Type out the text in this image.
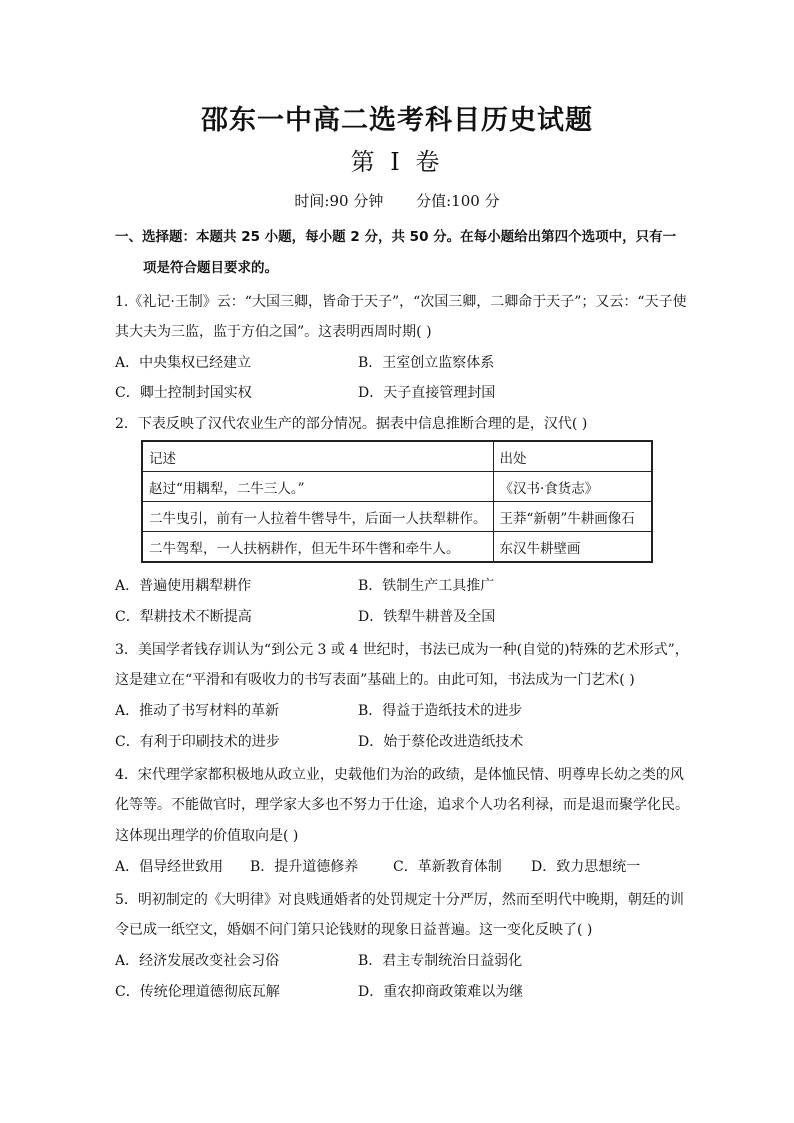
邵东一中高二选考科目历史试题
第 I 卷
时间:90 分钟 分值:100 分
一、选择题：本题共 25 小题，每小题 2 分，共 50 分。在每小题给出第四个选项中，只有一
项是符合题目要求的。
1.《礼记·王制》云：“大国三卿，皆命于天子”，“次国三卿，二卿命于天子”；又云：“天子使
其大夫为三监，监于方伯之国”。这表明西周时期( )
A．中央集权已经建立	B．王室创立监察体系
C．卿士控制封国实权	D．天子直接管理封国
2．下表反映了汉代农业生产的部分情况。据表中信息推断合理的是，汉代( )
记述	出处
赵过“用耦犁，二牛三人。”	《汉书·食货志》
二牛曳引，前有一人拉着牛辔导牛，后面一人扶犁耕作。	王莽“新朝”牛耕画像石
二牛驾犁，一人扶柄耕作，但无牛环牛辔和牵牛人。	东汉牛耕壁画
A．普遍使用耦犁耕作	B．铁制生产工具推广
C．犁耕技术不断提高	D．铁犁牛耕普及全国
3．美国学者钱存训认为“到公元 3 或 4 世纪时，书法已成为一种(自觉的)特殊的艺术形式”，
这是建立在“平滑和有吸收力的书写表面”基础上的。由此可知，书法成为一门艺术( )
A．推动了书写材料的革新	B．得益于造纸技术的进步
C．有利于印刷技术的进步	D．始于蔡伦改进造纸技术
4．宋代理学家都积极地从政立业，史载他们为治的政绩，是体恤民情、明尊卑长幼之类的风
化等等。不能做官时，理学家大多也不努力于仕途，追求个人功名利禄，而是退而聚学化民。
这体现出理学的价值取向是( )
A．倡导经世致用 B．提升道德修养 C．革新教育体制 D．致力思想统一
5．明初制定的《大明律》对良贱通婚者的处罚规定十分严厉，然而至明代中晚期，朝廷的训
令已成一纸空文，婚姻不问门第只论钱财的现象日益普遍。这一变化反映了( )
A．经济发展改变社会习俗	B．君主专制统治日益弱化
C．传统伦理道德彻底瓦解	D．重农抑商政策难以为继
